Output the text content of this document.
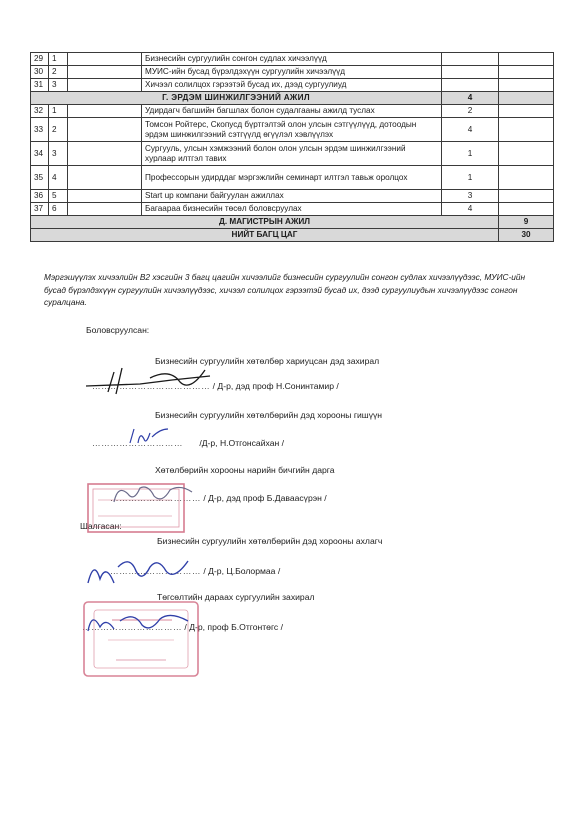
29	1		Бизнесийн сургуулийн сонгон судлах хичээлүүд		
30	2		МУИС-ийн бусад бүрэлдэхүүн сургуулийн хичээлүүд		
31	3		Хичээл солилцох гэрээтэй бусад их, дээд сургуулиуд		
Г. ЭРДЭМ ШИНЖИЛГЭЭНИЙ АЖИЛ				4	
32	1		Удирдагч багшийн багшлах болон судалгааны ажилд туслах	2	
33	2		Томсон Ройтерс, Скопусд бүртгэлтэй олон улсын сэтгүүлүүд, дотоодын эрдэм шинжилгээний сэтгүүлд өгүүлэл хэвлүүлэх	4	
34	3		Сургууль, улсын хэмжээний болон олон улсын эрдэм шинжилгээний хурлаар илтгэл тавих	1	
35	4		Профессорын удирддаг мэргэжлийн семинарт илтгэл тавьж оролцох	1	
36	5		Start up компани байгуулан ажиллах	3	
37	6		Багаараа бизнесийн төсөл боловсруулах	4	
Д. МАГИСТРЫН АЖИЛ					9
НИЙТ БАГЦ ЦАГ					30

Мэргэшүүлэх хичээлийн В2 хэсгийн 3 багц цагийн хичээлийг бизнесийн сургуулийн сонгон судлах хичээлүүдээс, МУИС-ийн бусад бүрэлдэхүүн сургуулийн хичээлүүдээс, хичээл солилцох гэрээтэй бусад их, дээд сургуулиудын хичээлүүдээс сонгон суралцана.

Боловсруулсан:

Бизнесийн сургуулийн хөтөлбөр хариуцсан дэд захирал

………………………………… / Д-р, дэд проф Н.Сонинтамир /

Бизнесийн сургуулийн хөтөлбөрийн дэд хорооны гишүүн

………………………… /Д-р, Н.Отгонсайхан /

Хөтөлбөрийн хорооны нарийн бичгийн дарга

………………………… / Д-р, дэд проф Б.Даваасүрэн /

Шалгасан:

Бизнесийн сургуулийн хөтөлбөрийн дэд хорооны ахлагч

………………………… / Д-р, Ц.Болормаа /

Төгсөлтийн дараах сургуулийн захирал

…………………………… / Д-р, проф Б.Отгонтөгс /
